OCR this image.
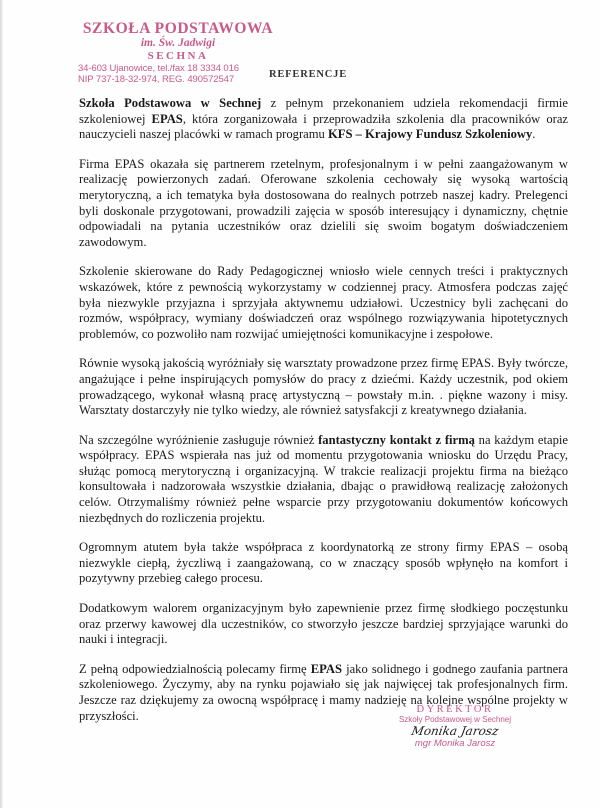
SZKOŁA PODSTAWOWA
im. Św. Jadwigi
SECHNA
34-603 Ujanowice, tel./fax 18 3334 016
NIP 737-18-32-974, REG. 490572547	REFERENCJE

Szkoła Podstawowa w Sechnej z pełnym przekonaniem udziela rekomendacji firmie szkoleniowej EPAS, która zorganizowała i przeprowadziła szkolenia dla pracowników oraz nauczycieli naszej placówki w ramach programu KFS – Krajowy Fundusz Szkoleniowy.

Firma EPAS okazała się partnerem rzetelnym, profesjonalnym i w pełni zaangażowanym w realizację powierzonych zadań. Oferowane szkolenia cechowały się wysoką wartością merytoryczną, a ich tematyka była dostosowana do realnych potrzeb naszej kadry. Prelegenci byli doskonale przygotowani, prowadzili zajęcia w sposób interesujący i dynamiczny, chętnie odpowiadali na pytania uczestników oraz dzielili się swoim bogatym doświadczeniem zawodowym.

Szkolenie skierowane do Rady Pedagogicznej wniosło wiele cennych treści i praktycznych wskazówek, które z pewnością wykorzystamy w codziennej pracy. Atmosfera podczas zajęć była niezwykle przyjazna i sprzyjała aktywnemu udziałowi. Uczestnicy byli zachęcani do rozmów, współpracy, wymiany doświadczeń oraz wspólnego rozwiązywania hipotetycznych problemów, co pozwoliło nam rozwijać umiejętności komunikacyjne i zespołowe.

Równie wysoką jakością wyróżniały się warsztaty prowadzone przez firmę EPAS. Były twórcze, angażujące i pełne inspirujących pomysłów do pracy z dziećmi. Każdy uczestnik, pod okiem prowadzącego, wykonał własną pracę artystyczną – powstały m.in. . piękne wazony i misy. Warsztaty dostarczyły nie tylko wiedzy, ale również satysfakcji z kreatywnego działania.

Na szczególne wyróżnienie zasługuje również fantastyczny kontakt z firmą na każdym etapie współpracy. EPAS wspierała nas już od momentu przygotowania wniosku do Urzędu Pracy, służąc pomocą merytoryczną i organizacyjną. W trakcie realizacji projektu firma na bieżąco konsultowała i nadzorowała wszystkie działania, dbając o prawidłową realizację założonych celów. Otrzymaliśmy również pełne wsparcie przy przygotowaniu dokumentów końcowych niezbędnych do rozliczenia projektu.

Ogromnym atutem była także współpraca z koordynatorką ze strony firmy EPAS – osobą niezwykle ciepłą, życzliwą i zaangażowaną, co w znaczący sposób wpłynęło na komfort i pozytywny przebieg całego procesu.

Dodatkowym walorem organizacyjnym było zapewnienie przez firmę słodkiego poczęstunku oraz przerwy kawowej dla uczestników, co stworzyło jeszcze bardziej sprzyjające warunki do nauki i integracji.

Z pełną odpowiedzialnością polecamy firmę EPAS jako solidnego i godnego zaufania partnera szkoleniowego. Życzymy, aby na rynku pojawiało się jak najwięcej tak profesjonalnych firm. Jeszcze raz dziękujemy za owocną współpracę i mamy nadzieję na kolejne wspólne projekty w przyszłości.	DYREKTOR
Szkoły Podstawowej w Sechnej
Monika Jarosz
mgr Monika Jarosz
